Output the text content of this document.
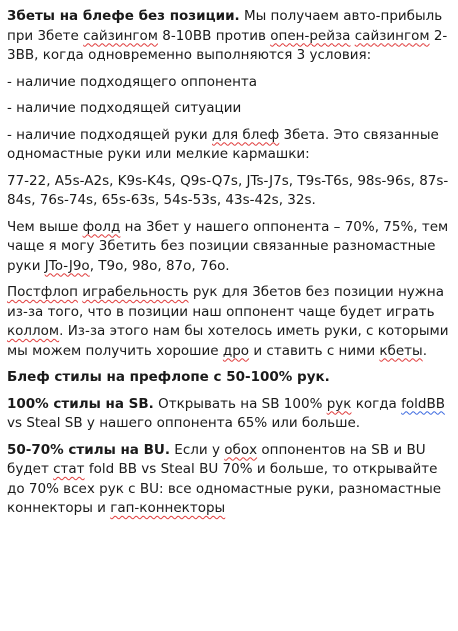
3беты на блефе без позиции. Мы получаем авто-прибыль при 3бете сайзингом 8-10BB против опен-рейза сайзингом 2-3BB, когда одновременно выполняются 3 условия:

- наличие подходящего оппонента

- наличие подходящей ситуации

- наличие подходящей руки для блеф 3бета. Это связанные одномастные руки или мелкие кармашки:

77-22, A5s-A2s, K9s-K4s, Q9s-Q7s, JTs-J7s, T9s-T6s, 98s-96s, 87s-84s, 76s-74s, 65s-63s, 54s-53s, 43s-42s, 32s.

Чем выше фолд на 3бет у нашего оппонента – 70%, 75%, тем чаще я могу 3бетить без позиции связанные разномастные руки JTo-J9o, T9o, 98o, 87o, 76o.

Постфлоп играбельность рук для 3бетов без позиции нужна из-за того, что в позиции наш оппонент чаще будет играть коллом. Из-за этого нам бы хотелось иметь руки, с которыми мы можем получить хорошие дро и ставить с ними кбеты.

Блеф стилы на префлопе с 50-100% рук.

100% стилы на SB. Открывать на SB 100% рук когда foldBB vs Steal SB у нашего оппонента 65% или больше.

50-70% стилы на BU. Если у обох оппонентов на SB и BU будет стат fold BB vs Steal BU 70% и больше, то открывайте до 70% всех рук с BU: все одномастные руки, разномастные коннекторы и гап-коннекторы
